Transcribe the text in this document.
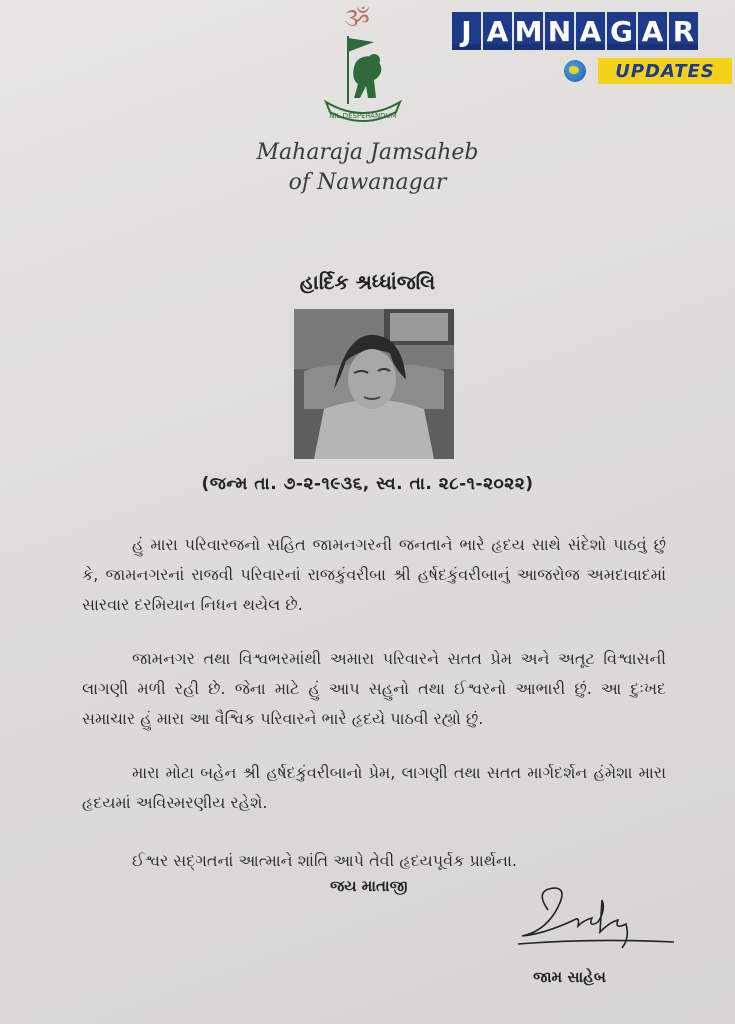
J A M N A G A R
UPDATES
ૐ
NIL DESPERANDUM
Maharaja Jamsaheb
of Nawanagar
હાર્દિક શ્રધ્ધાંજલિ
(જન્મ તા. ૭-૨-૧૯૩૬, સ્વ. તા. ૨૮-૧-૨૦૨૨)

હું મારા પરિવારજનો સહિત જામનગરની જનતાને ભારે હૃદય સાથે સંદેશો પાઠવું છું કે, જામનગરનાં રાજવી પરિવારનાં રાજકુંવરીબા શ્રી હર્ષદકુંવરીબાનું આજરોજ અમદાવાદમાં સારવાર દરમિયાન નિધન થયેલ છે.

જામનગર તથા વિશ્વભરમાંથી અમારા પરિવારને સતત પ્રેમ અને અતૂટ વિશ્વાસની લાગણી મળી રહી છે. જેના માટે હું આપ સહુનો તથા ઈશ્વરનો આભારી છું. આ દુઃખદ સમાચાર હું મારા આ વૈશ્વિક પરિવારને ભારે હૃદયે પાઠવી રહ્યો છું.

મારા મોટા બહેન શ્રી હર્ષદકુંવરીબાનો પ્રેમ, લાગણી તથા સતત માર્ગદર્શન હંમેશા મારા હૃદયમાં અવિસ્મરણીય રહેશે.

ઈશ્વર સદ્ગતનાં આત્માને શાંતિ આપે તેવી હૃદયપૂર્વક પ્રાર્થના.

જય માતાજી
જામ સાહેબ
